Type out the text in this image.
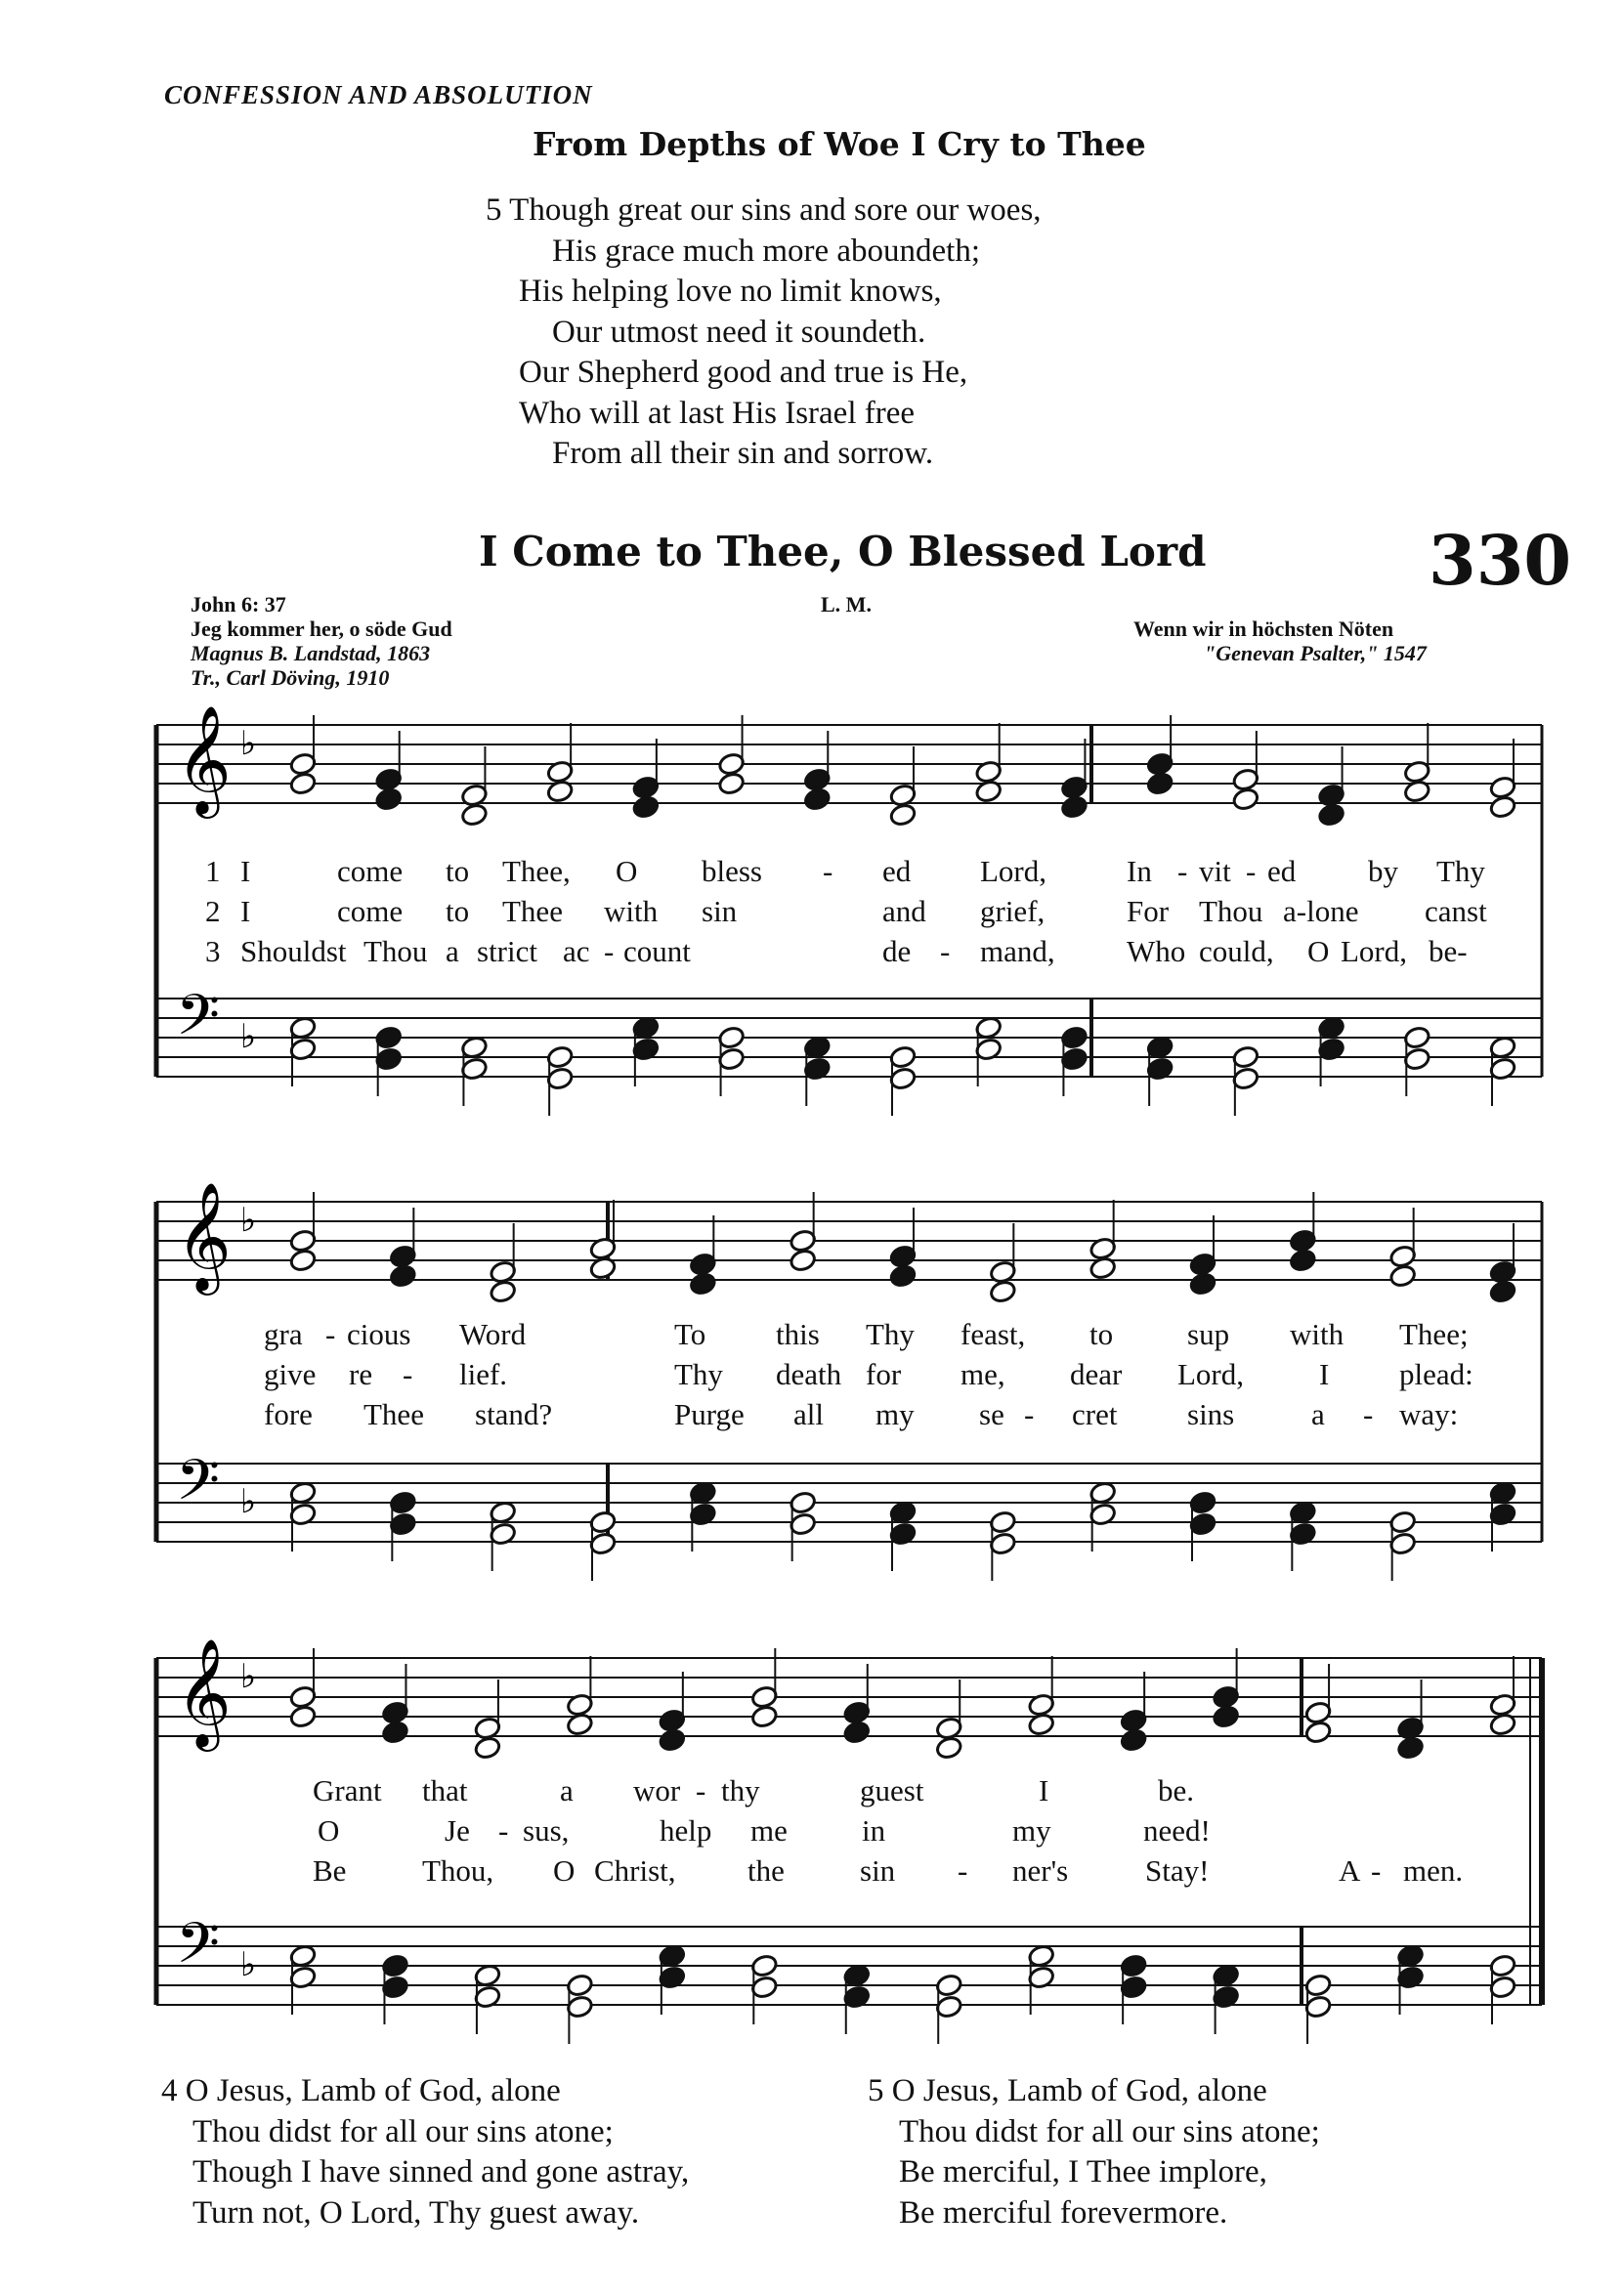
CONFESSION AND ABSOLUTION
From Depths of Woe I Cry to Thee
5 Though great our sins and sore our woes,
His grace much more aboundeth;
His helping love no limit knows,
Our utmost need it soundeth.
Our Shepherd good and true is He,
Who will at last His Israel free
From all their sin and sorrow.
I Come to Thee, O Blessed Lord	330
John 6: 37
Jeg kommer her, o söde Gud
Magnus B. Landstad, 1863
Tr., Carl Döving, 1910
L. M.
Wenn wir in höchsten Nöten
"Genevan Psalter," 1547
𝄞 ♭
𝄢 ♭
𝄞 ♭
𝄢 ♭
𝄞 ♭
𝄢 ♭
1
2
3
I	come to Thee, O bless - ed Lord,	In - vit - ed by Thy
I	come to Thee with sin	and grief,	For Thou a-lone canst
Shouldst Thou a strict ac - count	de - mand, Who could, O Lord, be-
gra - cious Word	To this Thy feast, to sup with Thee;
give re - lief.	Thy death for me, dear Lord, I plead:
fore Thee stand?	Purge all my se - cret sins	a - way:
Grant that	a wor - thy	guest	I	be.
O	Je - sus,	help me in	my	need!
Be	Thou, O Christ, the sin - ner's	Stay!	A - men.
4 O Jesus, Lamb of God, alone
Thou didst for all our sins atone;
Though I have sinned and gone astray,
Turn not, O Lord, Thy guest away.
5 O Jesus, Lamb of God, alone
Thou didst for all our sins atone;
Be merciful, I Thee implore,
Be merciful forevermore.
